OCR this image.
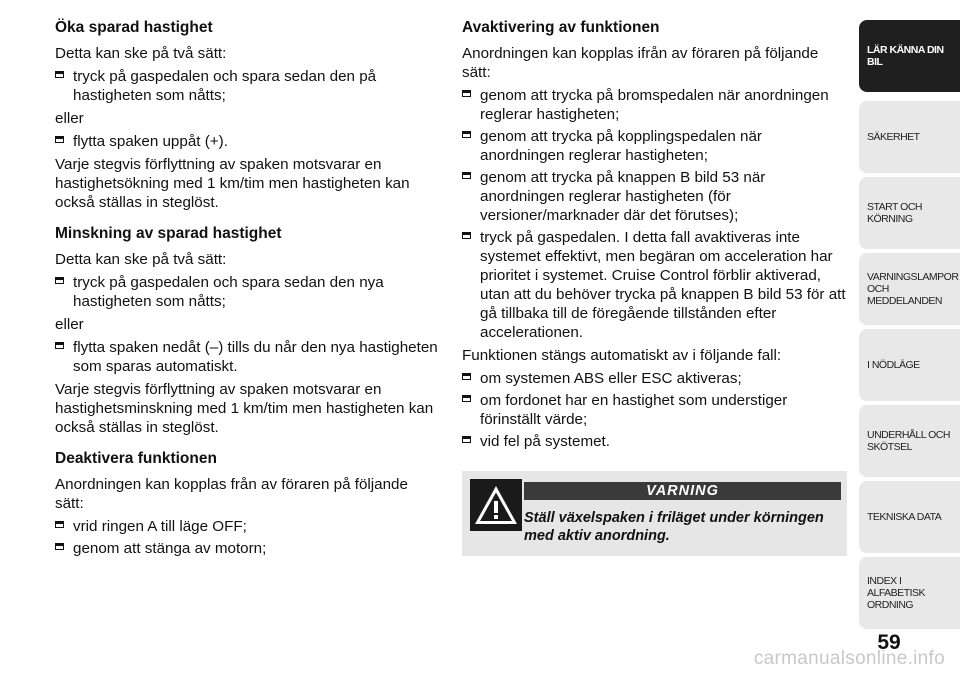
Öka sparad hastighet

Detta kan ske på två sätt:

tryck på gaspedalen och spara sedan den på hastigheten som nåtts;

eller

flytta spaken uppåt (+).

Varje stegvis förflyttning av spaken motsvarar en hastighetsökning med 1 km/tim men hastigheten kan också ställas in steglöst.

Minskning av sparad hastighet

Detta kan ske på två sätt:

tryck på gaspedalen och spara sedan den nya hastigheten som nåtts;

eller

flytta spaken nedåt (–) tills du når den nya hastigheten som sparas automatiskt.

Varje stegvis förflyttning av spaken motsvarar en hastighetsminskning med 1 km/tim men hastigheten kan också ställas in steglöst.

Deaktivera funktionen

Anordningen kan kopplas från av föraren på följande sätt:

vrid ringen A till läge OFF;
genom att stänga av motorn;
Avaktivering av funktionen

Anordningen kan kopplas ifrån av föraren på följande sätt:

genom att trycka på bromspedalen när anordningen reglerar hastigheten;
genom att trycka på kopplingspedalen när anordningen reglerar hastigheten;
genom att trycka på knappen B bild 53 när anordningen reglerar hastigheten (för versioner/marknader där det förutses);
tryck på gaspedalen. I detta fall avaktiveras inte systemet effektivt, men begäran om acceleration har prioritet i systemet. Cruise Control förblir aktiverad, utan att du behöver trycka på knappen B bild 53 för att gå tillbaka till de föregående tillstånden efter accelerationen.

Funktionen stängs automatiskt av i följande fall:

om systemen ABS eller ESC aktiveras;
om fordonet har en hastighet som understiger förinställt värde;
vid fel på systemet.
VARNING
Ställ växelspaken i friläget under körningen med aktiv anordning.
LÄR KÄNNA DIN BIL
SÄKERHET
START OCH KÖRNING
VARNINGSLAMPOR OCH MEDDELANDEN
I NÖDLÄGE
UNDERHÅLL OCH SKÖTSEL
TEKNISKA DATA
INDEX I ALFABETISK ORDNING
59
carmanualsonline.info
